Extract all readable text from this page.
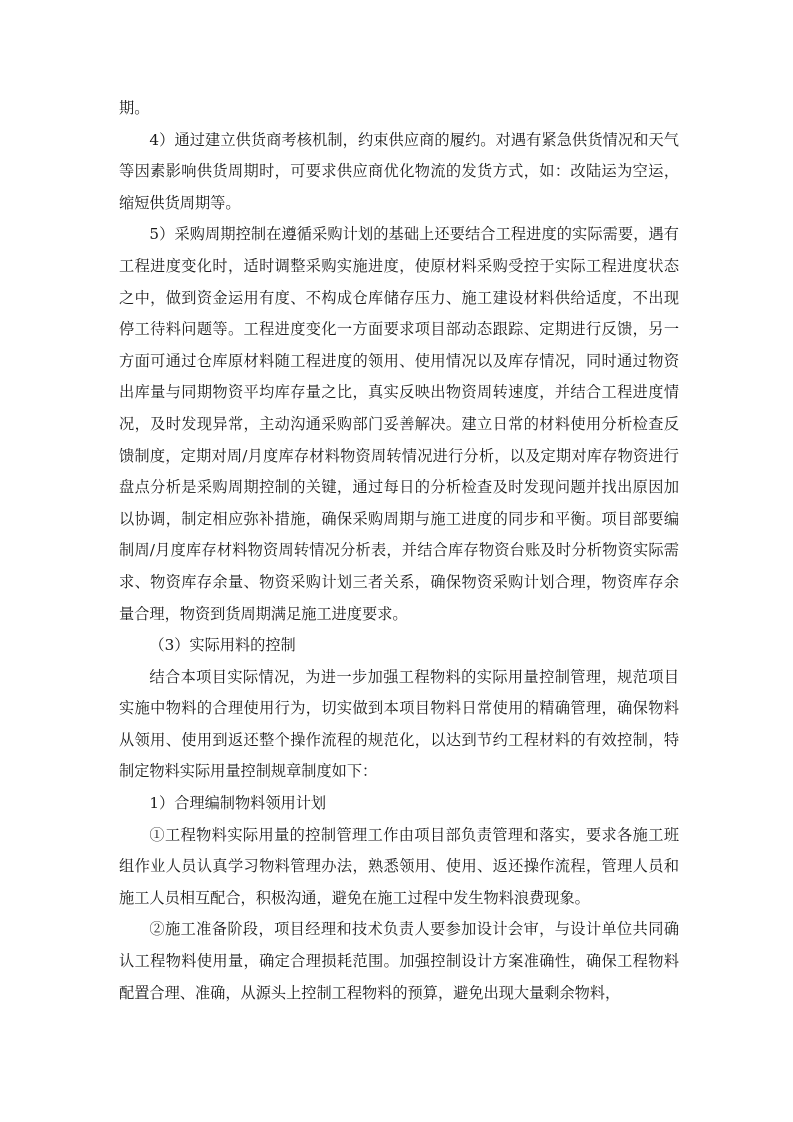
期。

4）通过建立供货商考核机制，约束供应商的履约。对遇有紧急供货情况和天气等因素影响供货周期时，可要求供应商优化物流的发货方式，如：改陆运为空运，缩短供货周期等。

5）采购周期控制在遵循采购计划的基础上还要结合工程进度的实际需要，遇有工程进度变化时，适时调整采购实施进度，使原材料采购受控于实际工程进度状态之中，做到资金运用有度、不构成仓库储存压力、施工建设材料供给适度，不出现停工待料问题等。工程进度变化一方面要求项目部动态跟踪、定期进行反馈，另一方面可通过仓库原材料随工程进度的领用、使用情况以及库存情况，同时通过物资出库量与同期物资平均库存量之比，真实反映出物资周转速度，并结合工程进度情况，及时发现异常，主动沟通采购部门妥善解决。建立日常的材料使用分析检查反馈制度，定期对周/月度库存材料物资周转情况进行分析，以及定期对库存物资进行盘点分析是采购周期控制的关键，通过每日的分析检查及时发现问题并找出原因加以协调，制定相应弥补措施，确保采购周期与施工进度的同步和平衡。项目部要编制周/月度库存材料物资周转情况分析表，并结合库存物资台账及时分析物资实际需求、物资库存余量、物资采购计划三者关系，确保物资采购计划合理，物资库存余量合理，物资到货周期满足施工进度要求。

（3）实际用料的控制

结合本项目实际情况，为进一步加强工程物料的实际用量控制管理，规范项目实施中物料的合理使用行为，切实做到本项目物料日常使用的精确管理，确保物料从领用、使用到返还整个操作流程的规范化，以达到节约工程材料的有效控制，特制定物料实际用量控制规章制度如下：

1）合理编制物料领用计划

①工程物料实际用量的控制管理工作由项目部负责管理和落实，要求各施工班组作业人员认真学习物料管理办法，熟悉领用、使用、返还操作流程，管理人员和施工人员相互配合，积极沟通，避免在施工过程中发生物料浪费现象。

②施工准备阶段，项目经理和技术负责人要参加设计会审，与设计单位共同确认工程物料使用量，确定合理损耗范围。加强控制设计方案准确性，确保工程物料配置合理、准确，从源头上控制工程物料的预算，避免出现大量剩余物料，
